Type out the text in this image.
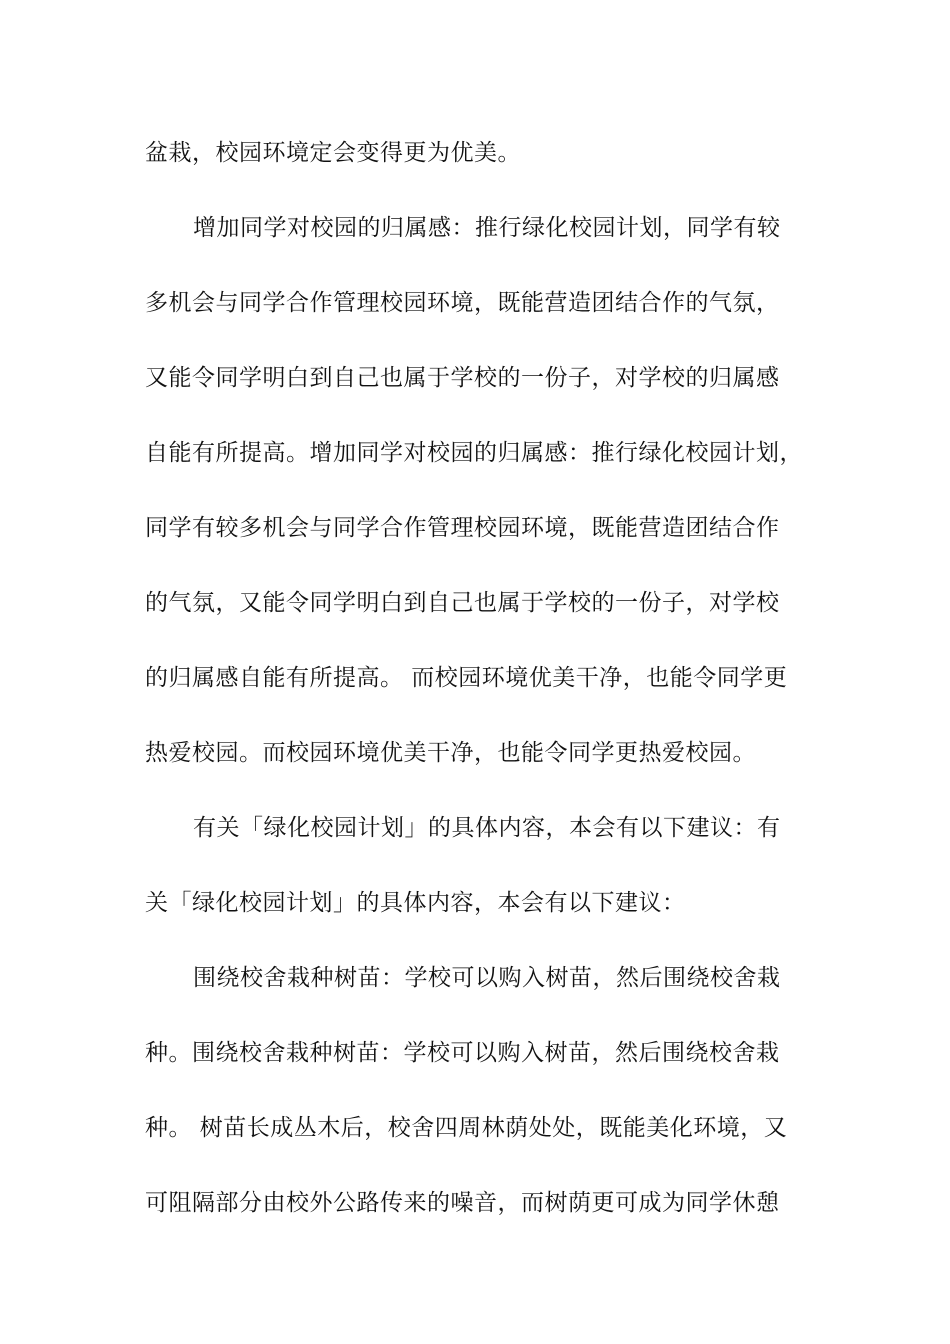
盆栽，校园环境定会变得更为优美。
增加同学对校园的归属感：推行绿化校园计划，同学有较
多机会与同学合作管理校园环境，既能营造团结合作的气氛，
又能令同学明白到自己也属于学校的一份子，对学校的归属感
自能有所提高。增加同学对校园的归属感：推行绿化校园计划，
同学有较多机会与同学合作管理校园环境，既能营造团结合作
的气氛，又能令同学明白到自己也属于学校的一份子，对学校
的归属感自能有所提高。 而校园环境优美干净，也能令同学更
热爱校园。而校园环境优美干净，也能令同学更热爱校园。
有关「绿化校园计划」的具体内容，本会有以下建议：有
关「绿化校园计划」的具体内容，本会有以下建议：
围绕校舍栽种树苗：学校可以购入树苗，然后围绕校舍栽
种。围绕校舍栽种树苗：学校可以购入树苗，然后围绕校舍栽
种。 树苗长成丛木后，校舍四周林荫处处，既能美化环境，又
可阻隔部分由校外公路传来的噪音，而树荫更可成为同学休憩
